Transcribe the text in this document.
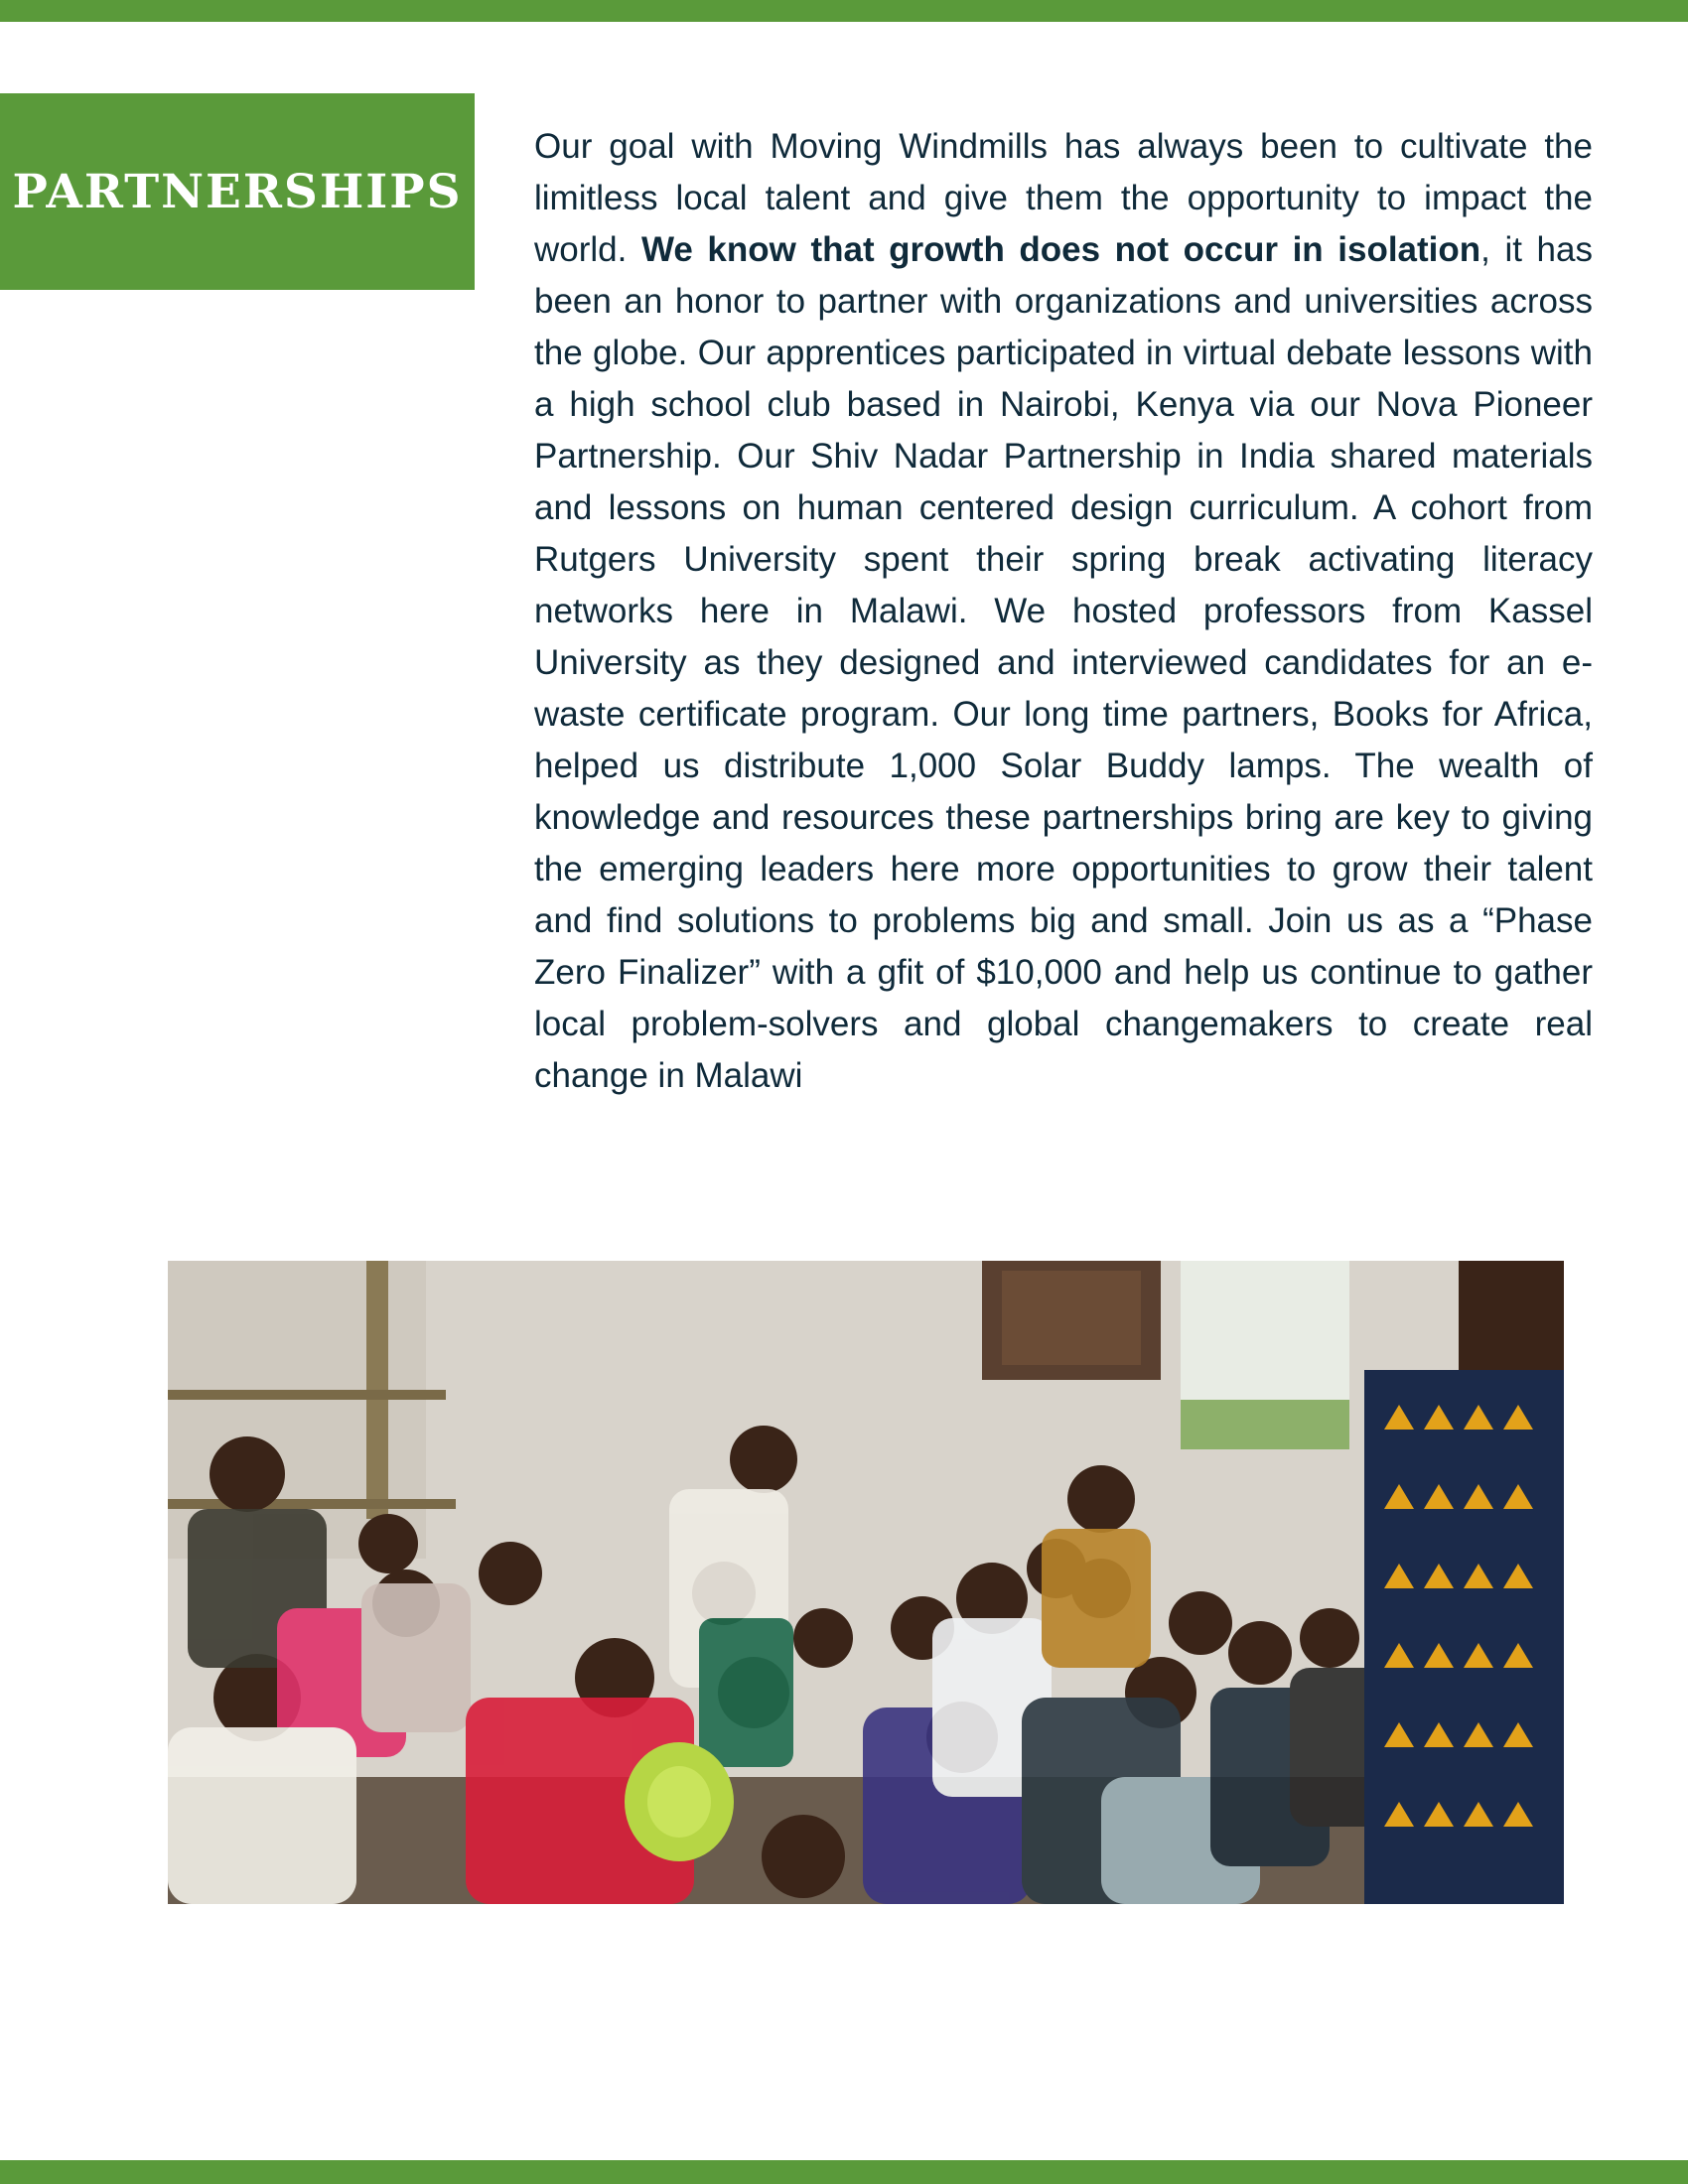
PARTNERSHIPS

Our goal with Moving Windmills has always been to cultivate the limitless local talent and give them the opportunity to impact the world. We know that growth does not occur in isolation, it has been an honor to partner with organizations and universities across the globe. Our apprentices participated in virtual debate lessons with a high school club based in Nairobi, Kenya via our Nova Pioneer Partnership. Our Shiv Nadar Partnership in India shared materials and lessons on human centered design curriculum. A cohort from Rutgers University spent their spring break activating literacy networks here in Malawi. We hosted professors from Kassel University as they designed and interviewed candidates for an e-waste certificate program. Our long time partners, Books for Africa, helped us distribute 1,000 Solar Buddy lamps. The wealth of knowledge and resources these partnerships bring are key to giving the emerging leaders here more opportunities to grow their talent and find solutions to problems big and small. Join us as a “Phase Zero Finalizer” with a gfit of $10,000 and help us continue to gather local problem-solvers and global changemakers to create real change in Malawi
